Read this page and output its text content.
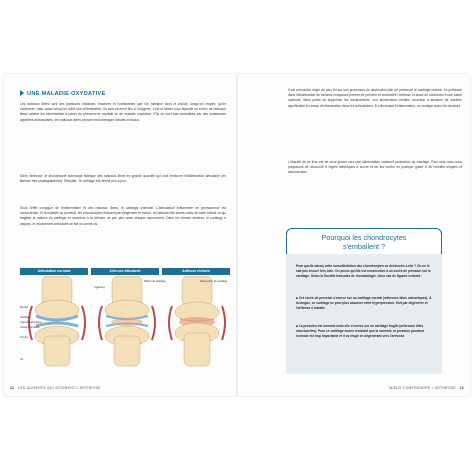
UNE MALADIE OXYDATIVE

Les radicaux libres sont des particules instables, réactives et indésirables que l'on fabrique sans le vouloir, lorsqu'on respire, qu'on s'alimente, mais aussi lorsqu'on subit une inflammation. Ils sont souvent liés à l'oxygène, c'est la raison pour laquelle un excès de radicaux libres amène les biochimistes à parler de phénomène oxydatif ou de maladie oxydative. S'ils ne sont pas neutralisés par des substances appelées antioxydants, les radicaux libres peuvent endommager cellules et tissus.

Dans l'arthrose, le chondrocyte surchargé fabrique des radicaux libres en grande quantité qui vont renforcer l'inflammation articulaire (en libérant des prostaglandines). Résultat : le cartilage est détruit peu à peu.

Sous l'effet conjugué de l'inflammation et des radicaux libres, le cartilage s'amincit. L'articulation enflammée en permanence est douloureuse. Si la maladie se poursuit, les chondrocytes finissent par dégénérer et mourir, en laissant des zones vides de toute cellule ce qui fragilise la matrice du cartilage et contribue à la détruire un peu plus avec chaque mouvement. Dans les formes sévères, le cartilage a disparu, le mouvement articulaire se fait os contre os.

Articulation normale	Arthrose débutante	Arthrose évoluée
Muscle
Cartilage
Capsule articulaire
Cavité articulaire
Tendon
Os
Ligament
Débris de cartilage	Destruction du cartilage
12 LES ALIMENTS QUI SOIGNENT L'ARTHROSE

Il est primordial d'agir au plus tôt sur ces processus de destruction afin de préserver le cartilage restant. La présence dans l'alimentation de certains composés permet de prévenir et combattre l'arthrose et aussi de contribuer à une santé optimale. Sans parler de supprimer les médicaments, une alimentation étudiée contribue à abaisser de manière significative le niveau d'inflammation dans les articulations. En diminuant l'inflammation, on soulage aussi les douleurs.

L'objectif de ce livre est de vous guider vers une alimentation vraiment protectrice du cartilage. Pour cela nous vous proposons de découvrir 6 règles diététiques à suivre et de les mettre en pratique grâce à 45 recettes simples et savoureuses.

Pourquoi les chondrocytes
s'emballent ?

Pour quelle raison cette sursollicitation des chondrocytes se déclenche-t-elle ? On ne le sait pas encore très bien. On pense qu'elle est consécutive à un excès de pression sur le cartilage. Selon la Société française de rhumatologie, deux cas de figures existent :

■ Cet excès de pression s'exerce sur un cartilage normal (arthroses dites mécaniques). À la longue, ce cartilage ne peut plus assumer cette hyperpression, finit par dégénérer et l'arthrose s'installe.

■ La pression est normale mais elle s'exerce sur un cartilage fragile (arthroses dites structurelles). Pour ce cartilage moins résistant que la normale, la pression pourtant normale est trop importante et il va réagir en dégénérant vers l'arthrose.

MIEUX COMPRENDRE L'ARTHROSE 13
